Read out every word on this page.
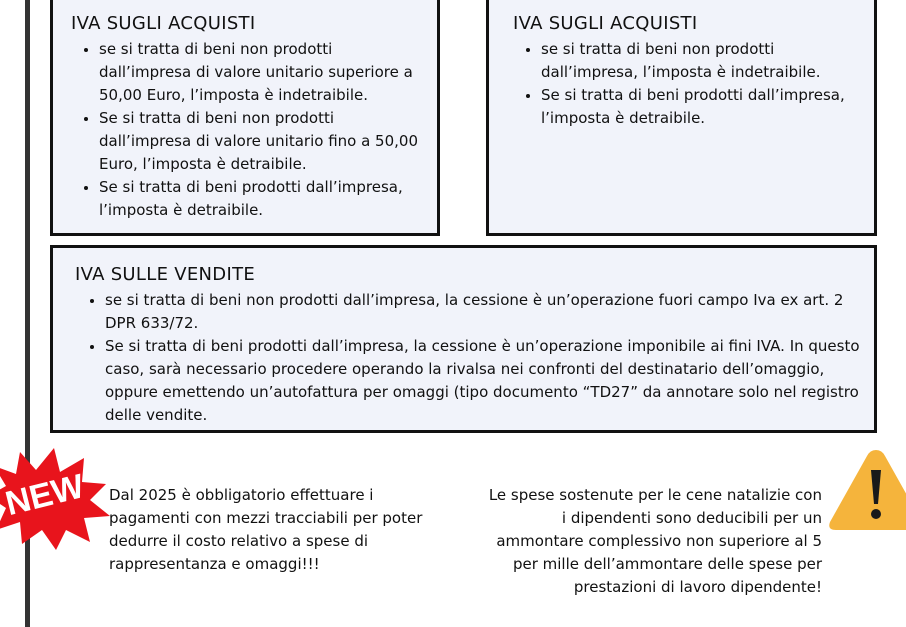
IVA SUGLI ACQUISTI
• se si tratta di beni non prodotti dall’impresa di valore unitario superiore a 50,00 Euro, l’imposta è indetraibile.
• Se si tratta di beni non prodotti dall’impresa di valore unitario fino a 50,00 Euro, l’imposta è detraibile.
• Se si tratta di beni prodotti dall’impresa, l’imposta è detraibile.
IVA SUGLI ACQUISTI
• se si tratta di beni non prodotti dall’impresa, l’imposta è indetraibile.
• Se si tratta di beni prodotti dall’impresa, l’imposta è detraibile.
IVA SULLE VENDITE
• se si tratta di beni non prodotti dall’impresa, la cessione è un’operazione fuori campo Iva ex art. 2 DPR 633/72.
• Se si tratta di beni prodotti dall’impresa, la cessione è un’operazione imponibile ai fini IVA. In questo caso, sarà necessario procedere operando la rivalsa nei confronti del destinatario dell’omaggio, oppure emettendo un’autofattura per omaggi (tipo documento “TD27” da annotare solo nel registro delle vendite.
NEW Dal 2025 è obbligatorio effettuare i pagamenti con mezzi tracciabili per poter dedurre il costo relativo a spese di rappresentanza e omaggi!!!
Le spese sostenute per le cene natalizie con i dipendenti sono deducibili per un ammontare complessivo non superiore al 5 per mille dell’ammontare delle spese per prestazioni di lavoro dipendente!
